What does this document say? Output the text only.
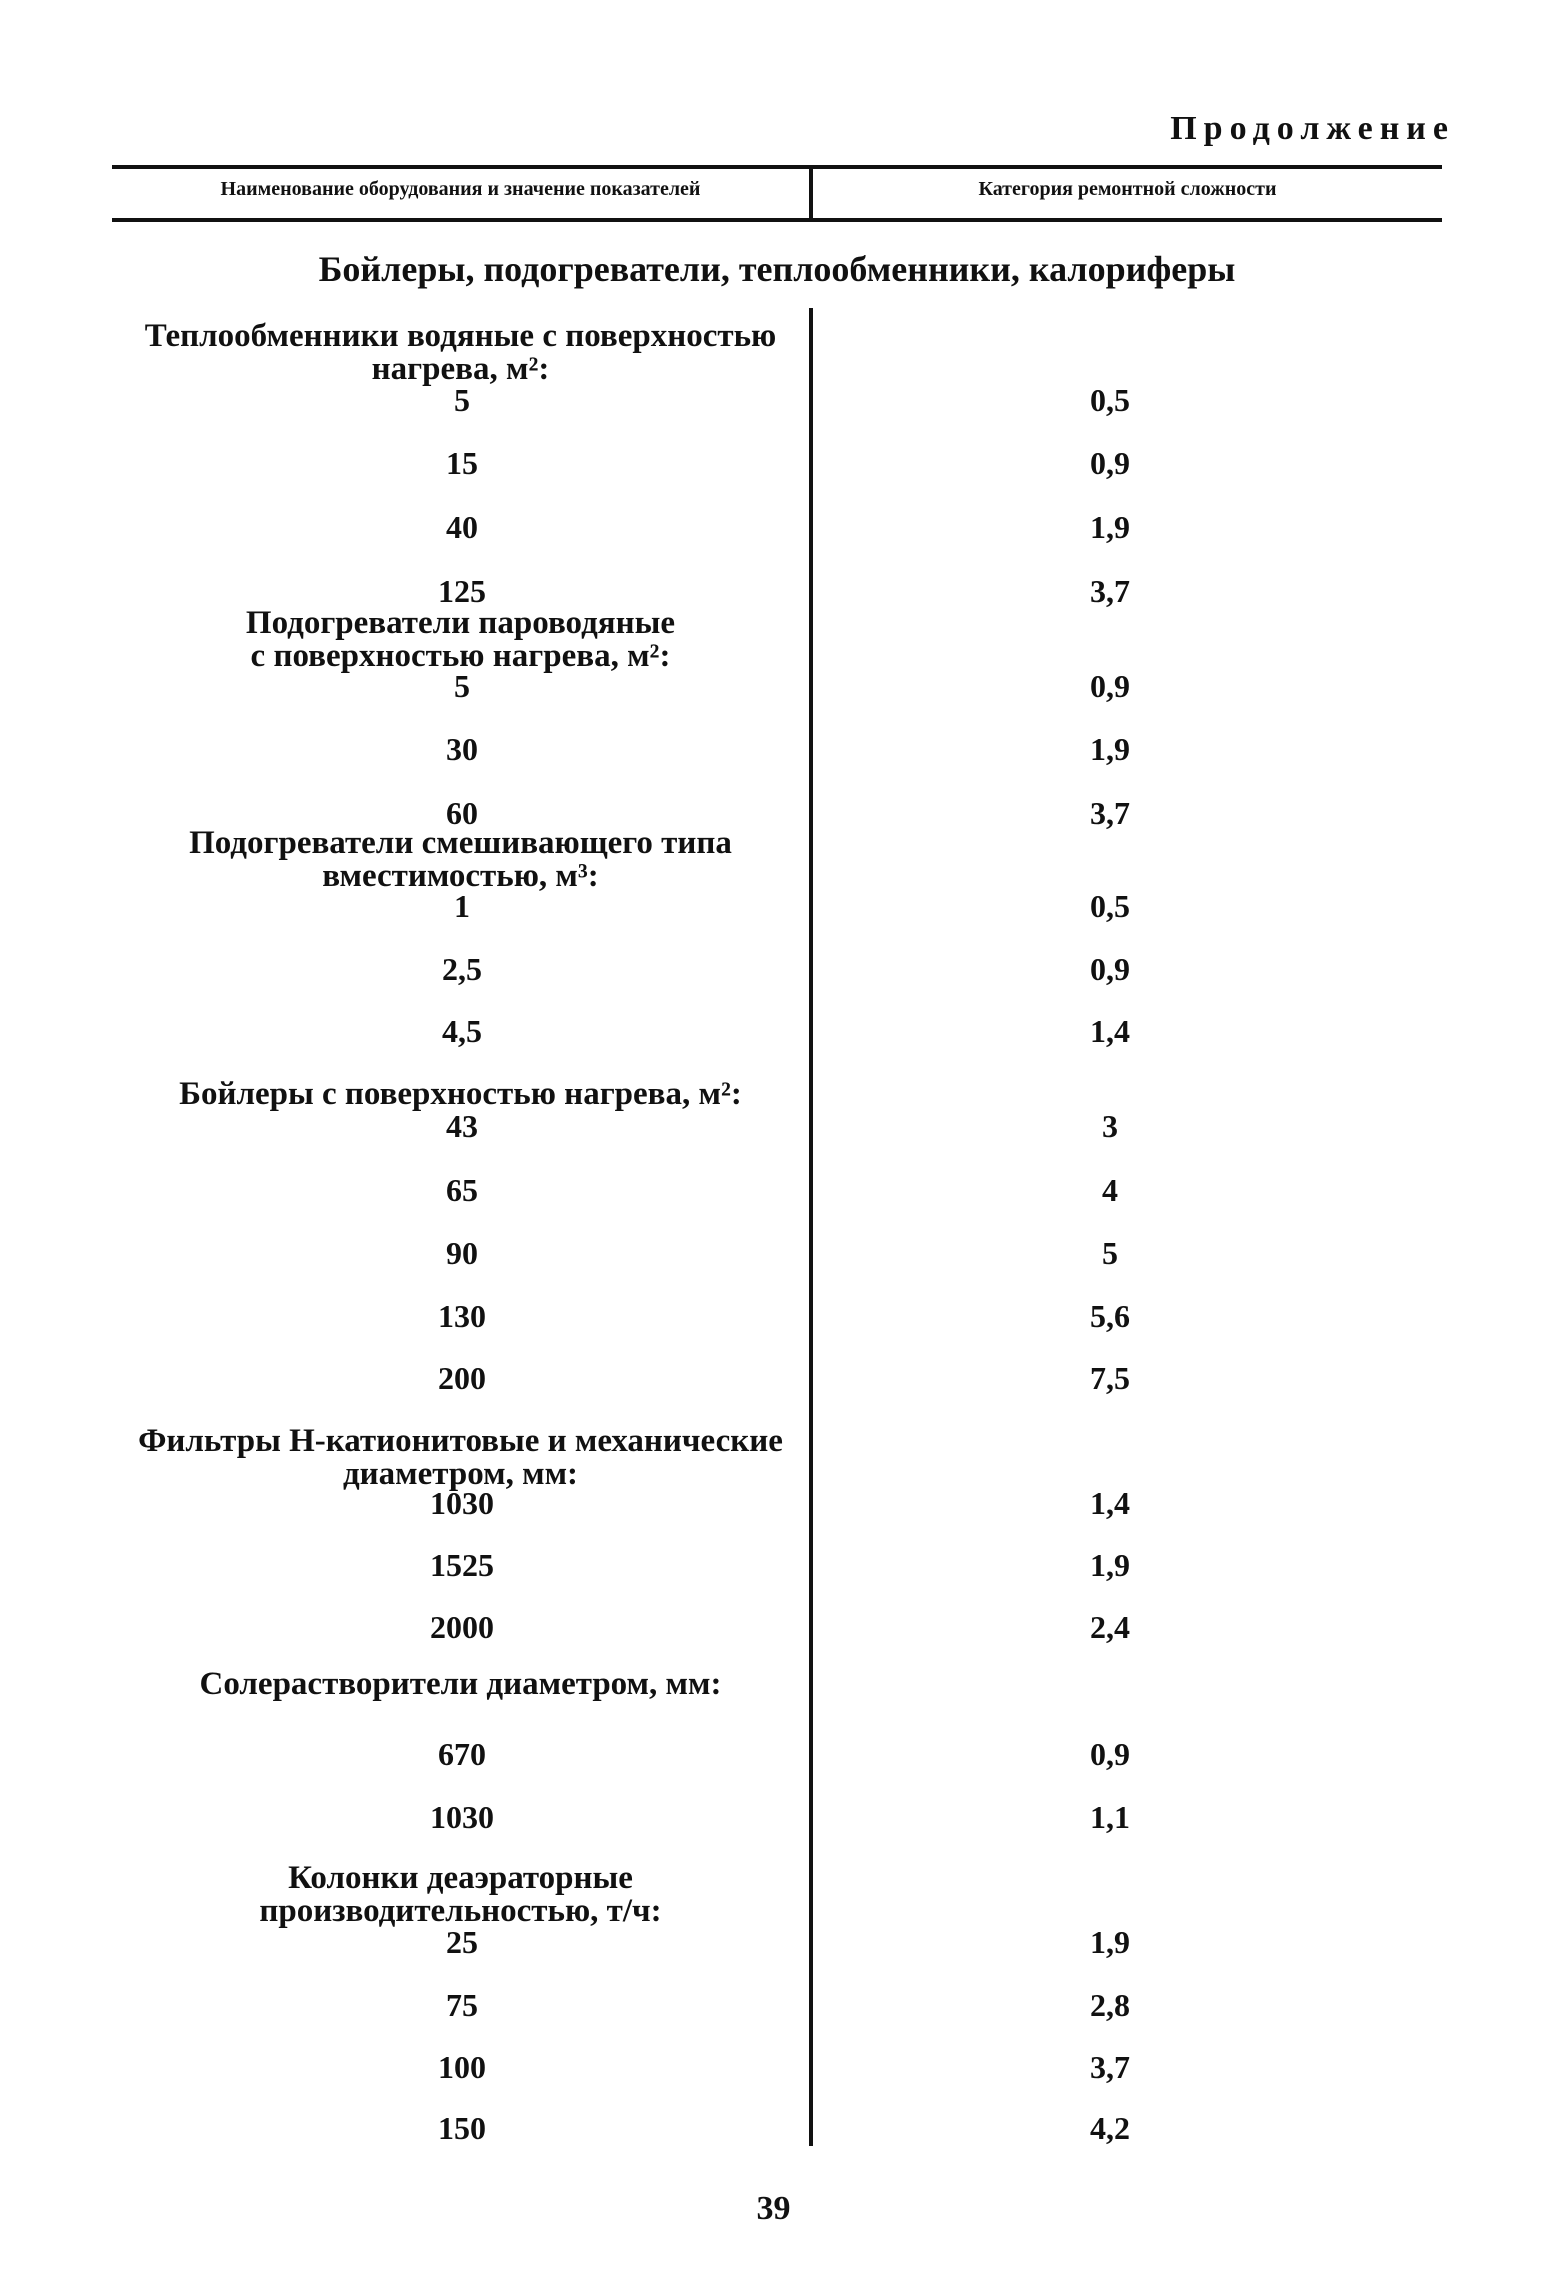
Продолжение
Наименование оборудования и значение показателей	Категория ремонтной сложности
Бойлеры, подогреватели, теплообменники, калориферы
Теплообменники водяные с поверхностью
нагрева, м²:
5	0,5
15	0,9
40	1,9
125	3,7
Подогреватели пароводяные
с поверхностью нагрева, м²:
5	0,9
30	1,9
60	3,7
Подогреватели смешивающего типа
вместимостью, м³:
1	0,5
2,5	0,9
4,5	1,4
Бойлеры с поверхностью нагрева, м²:
43	3
65	4
90	5
130	5,6
200	7,5
Фильтры Н-катионитовые и механические
диаметром, мм:
1030	1,4
1525	1,9
2000	2,4
Солерастворители диаметром, мм:
670	0,9
1030	1,1
Колонки деаэраторные
производительностью, т/ч:
25	1,9
75	2,8
100	3,7
150	4,2
39
